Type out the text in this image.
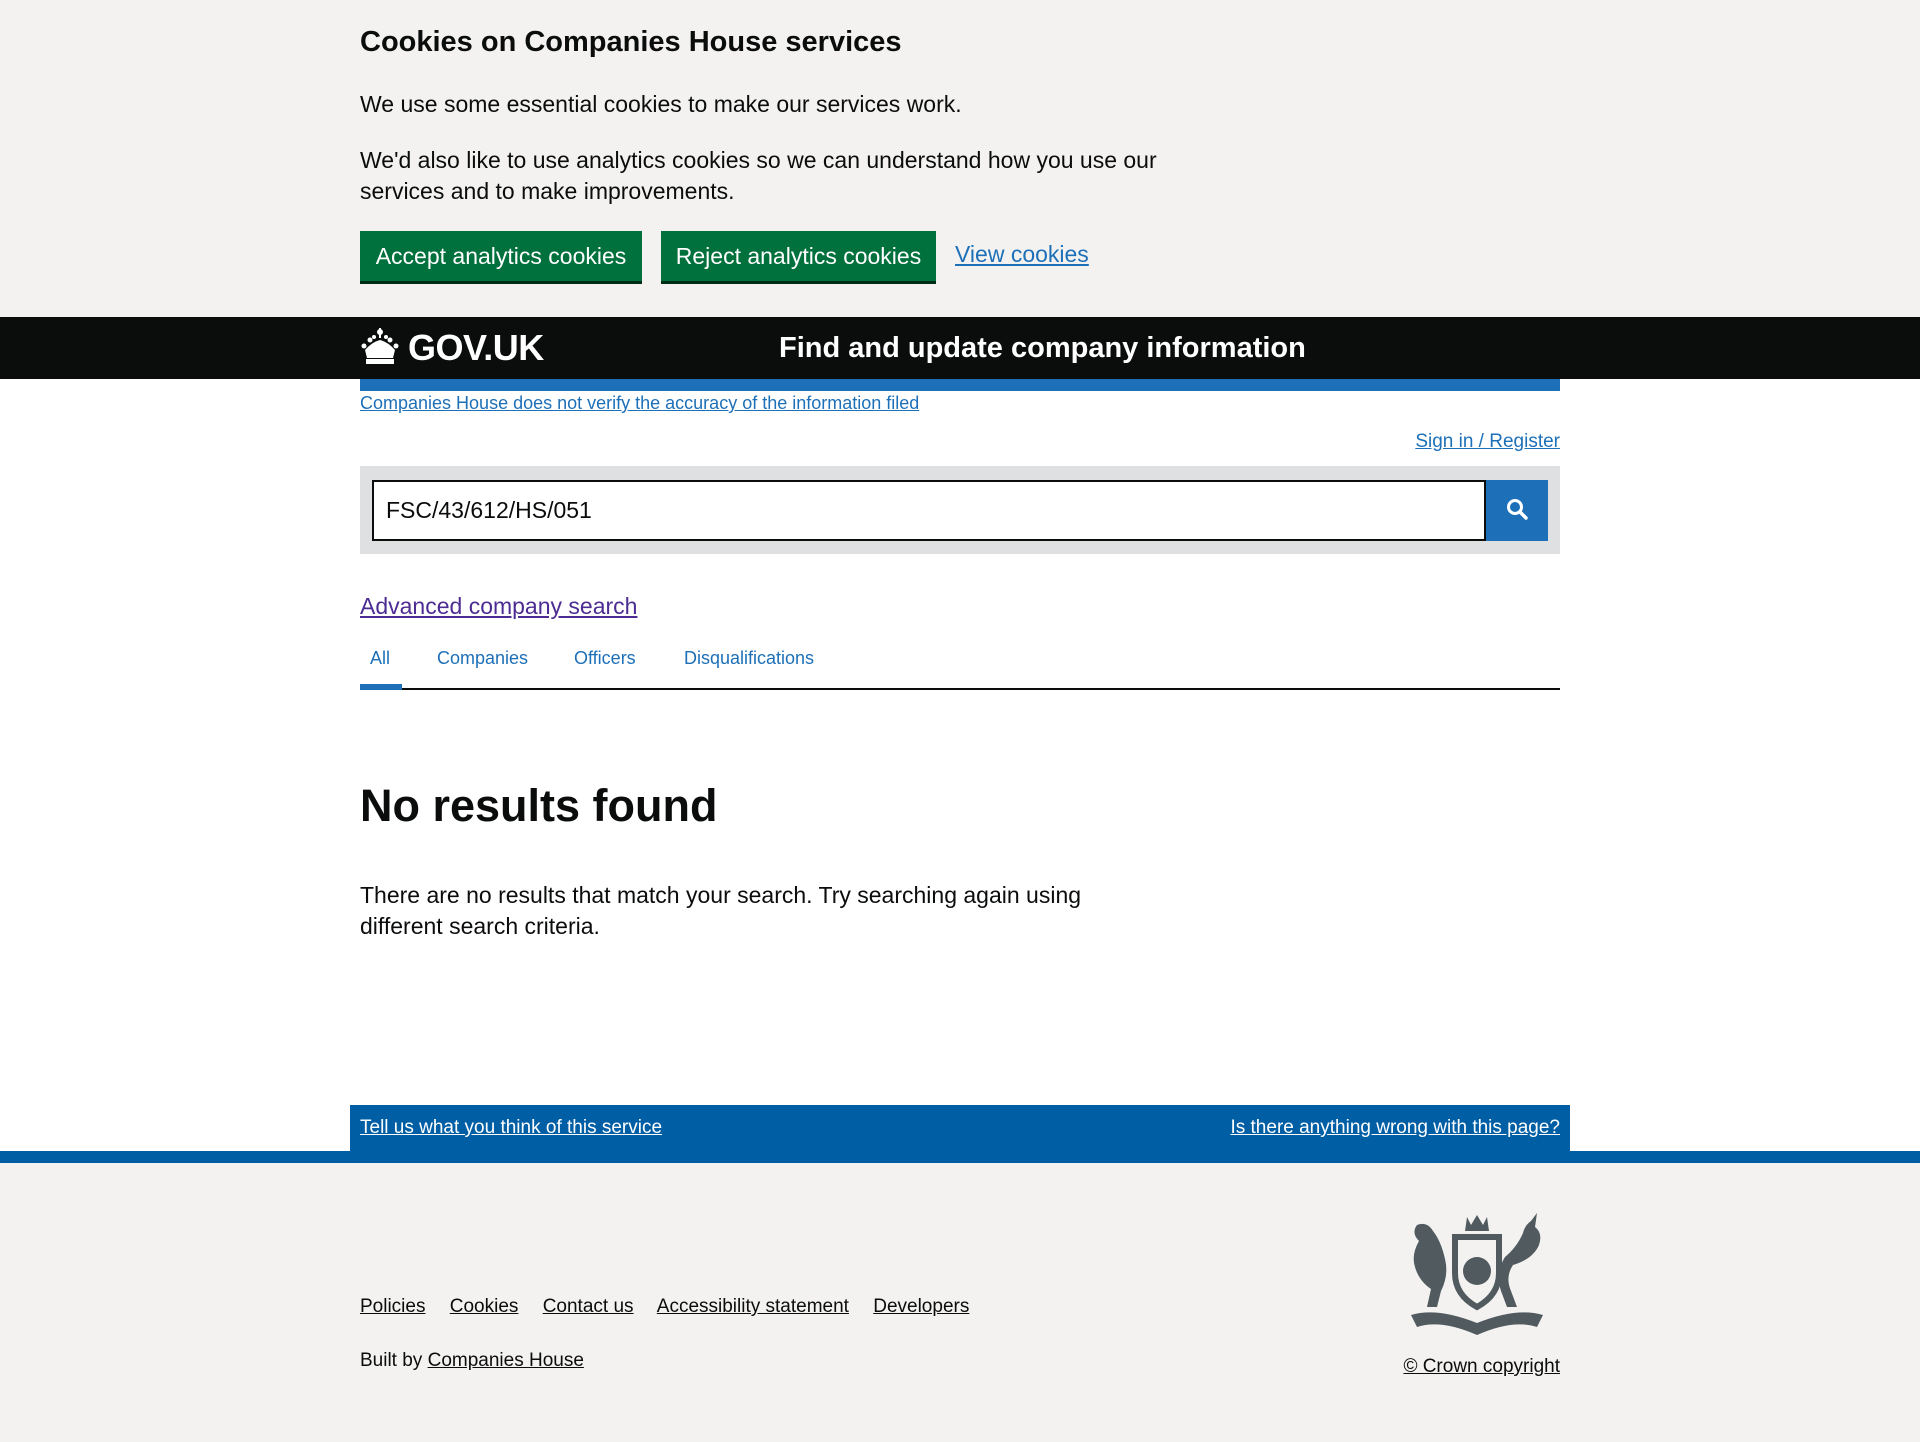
Cookies on Companies House services

We use some essential cookies to make our services work.

We'd also like to use analytics cookies so we can understand how you use our services and to make improvements.

Accept analytics cookies	Reject analytics cookies	View cookies
GOV.UK	Find and update company information
Companies House does not verify the accuracy of the information filed
Sign in / Register
FSC/43/612/HS/051
Advanced company search
All	Companies	Officers	Disqualifications
No results found

There are no results that match your search. Try searching again using different search criteria.

Tell us what you think of this service	Is there anything wrong with this page?
Policies Cookies Contact us Accessibility statement Developers
Built by Companies House	© Crown copyright
